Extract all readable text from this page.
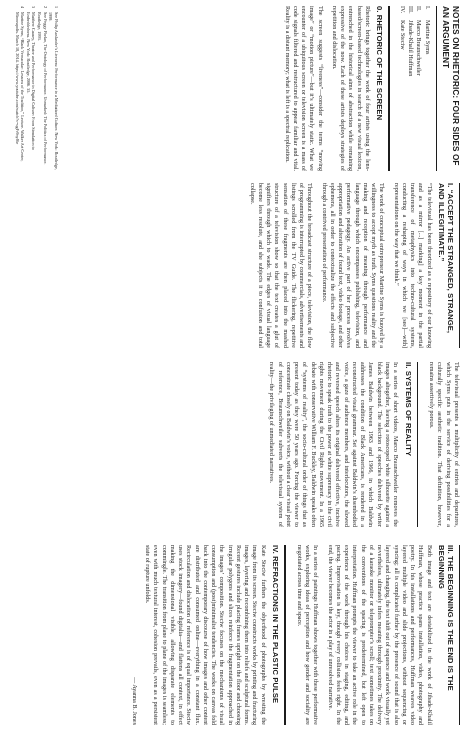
NOTES ON RHETORIC: FOUR SIDES OF AN ARGUMENT
I.
Martine Syms
II.
Marco Braunschweiler
III.
Jibade-Khalil Huffman
IV.
Kate Steciw
0. RHETORIC OF THE SCREEN
Rhetoric brings together the work of four artists using the lens-based/screen-based technologies in search of a new visual lexicon, entrenched in the historical aims of abstraction while remaining expressive of the now. Each of these artists deploys strategies of repetition and dislocation.
The screen suggests “liveness”—consider the terms “moving image” or “motion picture”—but it’s ultimately static. What we encounter of a ubiquitous screen or television screen is a mass of code signals filtered and restructured to appear familiar and vital. Reality is a distant memory; what is left is a spectral replication.
1
See Philip Auslander’s Liveness: Performance in a Mediatized Culture. New York: Routledge, 1999.
2
See Peggy Phelan, The Ontology of Performance. Unmarked: The Politics of Performance. Routledge, 1993.
3
Matthew Causey, Theatre and Performance in Digital Culture: From Simulation to Embeddedness. New York: Routledge, 2006. 35.
4
Martine Syms, “Black Vernacular: Lessons of the Tradition,” Lecture. Walker Art Center, Minneapolis. March 18, 2014. https://www.youtube.com/watch?v=ugFr9nyJ6e
I. “ACCEPT THE STRANGED, STRANGE, AND ILLEGITIMATE.”
“The televisual has been theorized as a repository of our knowing and as a mirror [...] marking] a key moment in the partial transference of metaphysics into techno-cultural systems, conducting a reshaping of ways in which we [see]—with] representations on the way that we think.”
The work of conceptual entrepreneur Martine Syms is buoyed by a willingness to accept myth as truth. Syms questions reality and the making and reception of meaning through performance and language through which encompasses publishing, television, and performative pedagogy. An active part of her process involves appropriation and alteration of found text, video footage, and other ephemera, all in order to contextualize the effects and subjective through a contrived presentation of performance.
Throughout the broadcast structure of a piece, television, the flow of programming is interrupted by commercials, advertisements and listings scrolled from the TV Guide. The flickering, repetitive sensation of these fragments are then placed into the mashed structure of a television show so that the text creates a glut of signifiers through which to wade. The edges of visual language become less resolute, and she subjects it to confusion and total collapse.
The televisual presents a multiplicity of entries and departures, which Syms puts in the service of deriving possibilities for a culturally specific aesthetic tradition. That definition, however, remains assertively porous.
II. SYSTEMS OF REALITY
In a series of short videos, Marco Braunschweiler removes the images altogether, leaving a rotoscoped white silhouette against a black background. The selection of speeches delivered by writer James Baldwin between 1963 and 1966, in which Baldwin addresses the condition of Black Americans, is rendered in a reconstructed visual grammar. Set against Baldwin’s disembodied voice, a gaze of audience members, and interlocutors, the slowed and reversed speech alters its original delivered effective, incisive rhetoric to speak truth to the power at white supremacy in the civil rights movement during the Civil Rights movement. In a 1965 debate with conservative William F. Buckley, Baldwin speaks often of “systems of reality”, the socio-cultural order of things that as present today as they were 50 years ago. Forcing the viewer to concentrate closely on Baldwin’s voice, without a clear visual point of reference, Braunschweiler subverts the televisual system of reality—the privileging of unmediated narratives.
III. THE BEGINNING IS THE END IS THE BEGINNING
Both image and text are destabilized in the work of Jibade-Khalil Huffman, whose practice spans installation, video, photography and poetry. In his installations and performances, Huffman weaves video layered multiple video and slide projections, without sequencing or syncing; all is complicated further by the presence of sound that is also layered and changing, the text shift out of sequence and work visually yet nevertheless, ultimately infers meaning through proximity. The delivery of a karaoke monitor or teleprompter’s scroll; text sometimes takes on the conventions of the spacing is predetermined, but left open to interpretation. Huffman prompts the viewer to take an active role in the experience of the work through his choices in staging, editing, and pacing. Improvisation is key, though every collision feels right. In the end, the viewer becomes the actor in a play of unresolved narrative.
In a series of paintings Huffman shows together with these performative works, exploring ideas of perception and how gender and sociality are negotiated across time and space.
IV. REFRACTIONS IN THE PLASTIC PULSE
Kate Steciw furthers the objecthood of photographs by wresting the image from its screen. Steciw constructs works by printing and fracturing images, layering and recombining them into reliefs and sculptural forms. Recent gestures include placing frames upright on the floor and choosing irregular polygons and slices reinforce the fragmentation approached in the images’ composition. Steciw focuses on the mechanisms of visual consumption and (post)minimalist tendencies. The works on canvas fold back into the contemporary discourse of how images and other content are distributed and consumed online—everything in a constant flux. Recirculation and dislocation of reference is of equal importance. Steciw uses stock imagery—found digitalia—and flattens all context, in effect making the dimensional visible, allowing disparate elements to commingle. The transition from plane to plane of the images is seamless; even with much textural interest, cohesion prevails, even as a persistent state of rupture unfolds.
— Ayanna B. Jones
